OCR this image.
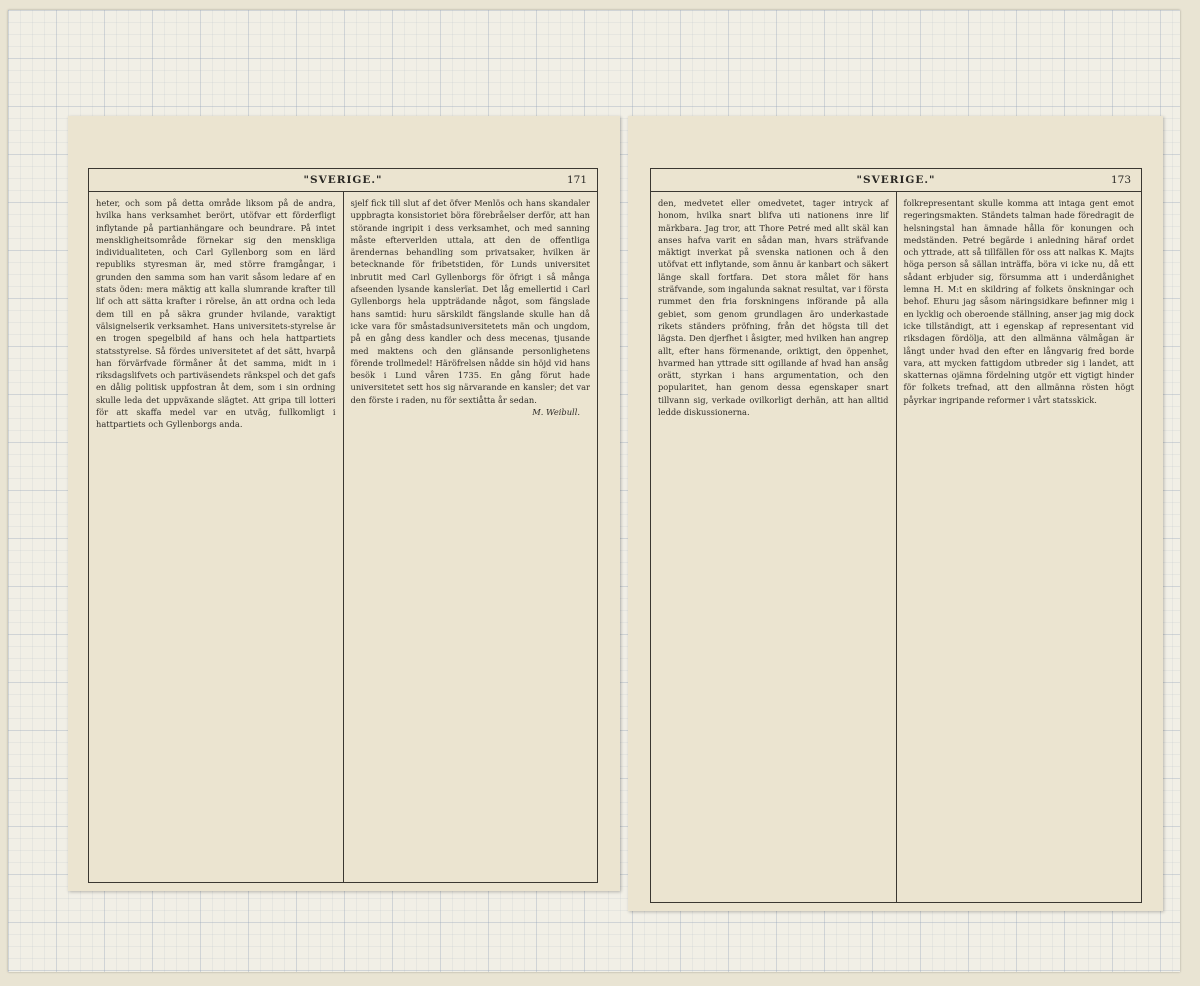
"SVERIGE."	171
heter, och som på detta område liksom på de andra, hvilka hans verksamhet berört, utöfvar ett förderfligt inflytande på partianhängare och beundrare. På intet menskligheitsområde förnekar sig den menskliga individualiteten, och Carl Gyllenborg som en lärd republiks styresman är, med större framgångar, i grunden den samma som han varit såsom ledare af en stats öden: mera mäktig att kalla slumrande krafter till lif och att sätta krafter i rörelse, än att ordna och leda dem till en på säkra grunder hvilande, varaktigt välsignelserik verksamhet. Hans universitets-styrelse är en trogen spegelbild af hans och hela hattpartiets statsstyrelse. Så fördes universitetet af det sätt, hvarpå han förvärfvade förmåner åt det samma, midt in i riksdagslifvets och partiväsendets ränkspel och det gafs en dålig politisk uppfostran åt dem, som i sin ordning skulle leda det uppväxande slägtet. Att gripa till lotteri för att skaffa medel var en utväg, fullkomligt i hattpartiets och Gyllenborgs anda.
sjelf fick till slut af det öfver Menlös och hans skandaler uppbragta konsistoriet böra förebråelser derför, att han störande ingripit i dess verksamhet, och med sanning måste efterverlden uttala, att den de offentliga ärendernas behandling som privatsaker, hvilken är betecknande för fribetstiden, för Lunds universitet inbrutit med Carl Gyllenborgs för öfrigt i så många afseenden lysande kanslerïat. Det låg emellertid i Carl Gyllenborgs hela uppträdande något, som fängslade hans samtid: huru särskildt fängslande skulle han då icke vara för småstadsuniversitetets män och ungdom, på en gång dess kandler och dess mecenas, tjusande med maktens och den glänsande personlighetens förende trollmedel! Häröfrelsen nådde sin höjd vid hans besök i Lund våren 1735. En gång förut hade universitetet sett hos sig närvarande en kansler; det var den förste i raden, nu för sextiåtta år sedan.
M. Weibull.
"SVERIGE."	173
den, medvetet eller omedvetet, tager intryck af honom, hvilka snart blifva uti nationens inre lif märkbara. Jag tror, att Thore Petré med allt skäl kan anses hafva varit en sådan man, hvars sträfvande mäktigt inverkat på svenska nationen och å den utöfvat ett inflytande, som ännu är kanbart och säkert länge skall fortfara. Det stora målet för hans sträfvande, som ingalunda saknat resultat, var i första rummet den fria forskningens införande på alla gebiet, som genom grundlagen äro underkastade rikets ständers pröfning, från det högsta till det lägsta. Den djerfhet i åsigter, med hvilken han angrep allt, efter hans förmenande, oriktigt, den öppenhet, hvarmed han yttrade sitt ogillande af hvad han ansåg orätt, styrkan i hans argumentation, och den popularitet, han genom dessa egenskaper snart tillvann sig, verkade ovilkorligt derhän, att han alltid ledde diskussionerna.
folkrepresentant skulle komma att intaga gent emot regeringsmakten. Ständets talman hade föredragit de helsningstal han ämnade hålla för konungen och medständen. Petré begärde i anledning häraf ordet och yttrade, att så tillfällen för oss att nalkas K. Majts höga person så sällan inträffa, böra vi icke nu, då ett sådant erbjuder sig, försumma att i underdånighet lemna H. M:t en skildring af folkets önskningar och behof. Ehuru jag såsom näringsidkare befinner mig i en lycklig och oberoende ställning, anser jag mig dock icke tillständigt, att i egenskap af representant vid riksdagen fördölja, att den allmänna välmågan är långt under hvad den efter en långvarig fred borde vara, att mycken fattigdom utbreder sig i landet, att skatternas ojämna fördelning utgör ett vigtigt hinder för folkets trefnad, att den allmänna rösten högt påyrkar ingripande reformer i vårt statsskick.
